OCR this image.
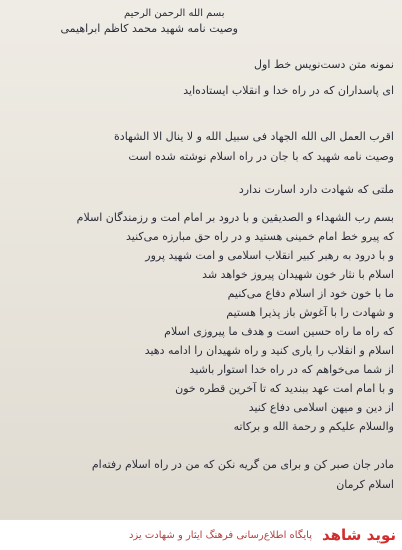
بسم الله الرحمن الرحیم
وصیت نامه شهید محمد کاظم ابراهیمی
نمونه متن دست‌نویس خط اول
ای پاسداران که در راه خدا و انقلاب ایستاده‌اید
اقرب العمل الی الله الجهاد فی سبیل الله و لا ینال الا الشهادة
وصیت نامه شهید که با جان در راه اسلام نوشته شده است
ملتی که شهادت دارد اسارت ندارد
بسم رب الشهداء و الصدیقین و با درود بر امام امت و رزمندگان اسلام
که پیرو خط امام خمینی هستید و در راه حق مبارزه می‌کنید
و با درود به رهبر کبیر انقلاب اسلامی و امت شهید پرور
اسلام با نثار خون شهیدان پیروز خواهد شد
ما با خون خود از اسلام دفاع می‌کنیم
و شهادت را با آغوش باز پذیرا هستیم
که راه ما راه حسین است و هدف ما پیروزی اسلام
اسلام و انقلاب را یاری کنید و راه شهیدان را ادامه دهید
از شما می‌خواهم که در راه خدا استوار باشید
و با امام امت عهد ببندید که تا آخرین قطره خون
از دین و میهن اسلامی دفاع کنید
والسلام علیکم و رحمة الله و برکاته
مادر جان صبر کن و برای من گریه نکن که من در راه اسلام رفته‌ام
اسلام کرمان
پایگاه اطلاع‌رسانی فرهنگ ایثار و شهادت یزد نوید شاهد
